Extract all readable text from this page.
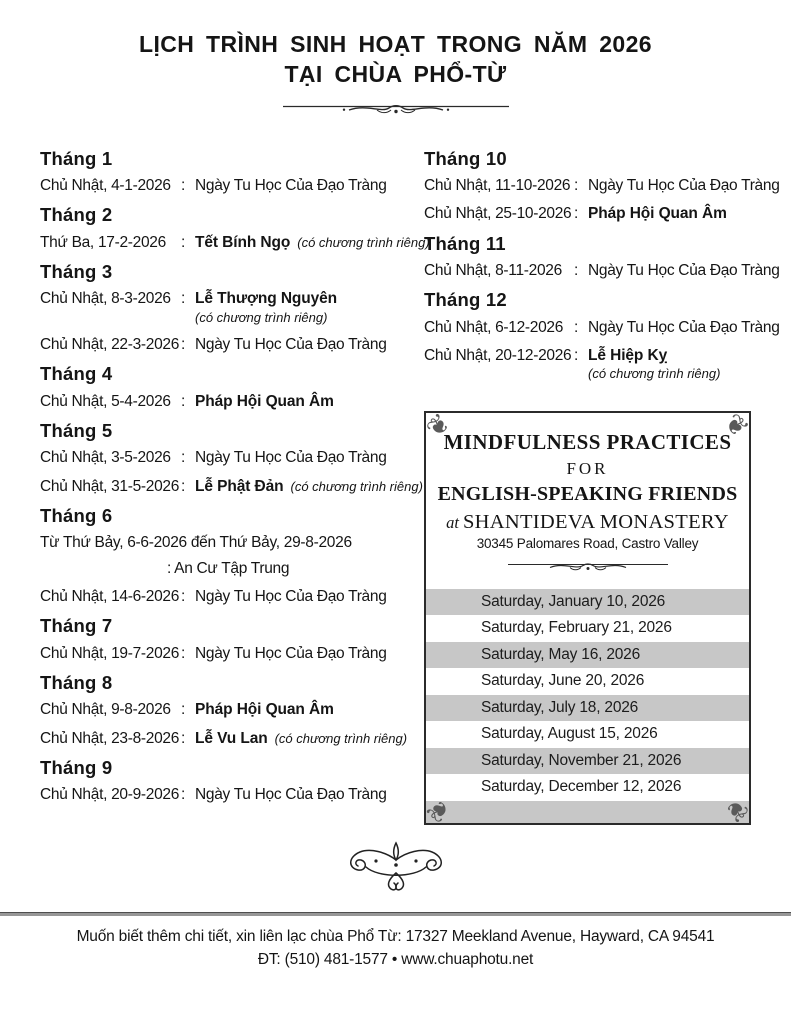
LỊCH TRÌNH SINH HOẠT TRONG NĂM 2026
TẠI CHÙA PHỔ-TỪ
Tháng 1
Chủ Nhật, 4-1-2026 : Ngày Tu Học Của Đạo Tràng
Tháng 2
Thứ Ba, 17-2-2026 : Tết Bính Ngọ (có chương trình riêng)
Tháng 3
Chủ Nhật, 8-3-2026 : Lễ Thượng Nguyên
(có chương trình riêng)
Chủ Nhật, 22-3-2026 : Ngày Tu Học Của Đạo Tràng
Tháng 4
Chủ Nhật, 5-4-2026 : Pháp Hội Quan Âm
Tháng 5
Chủ Nhật, 3-5-2026 : Ngày Tu Học Của Đạo Tràng
Chủ Nhật, 31-5-2026 : Lễ Phật Đản (có chương trình riêng)
Tháng 6
Từ Thứ Bảy, 6-6-2026 đến Thứ Bảy, 29-8-2026
: An Cư Tập Trung
Chủ Nhật, 14-6-2026 : Ngày Tu Học Của Đạo Tràng
Tháng 7
Chủ Nhật, 19-7-2026 : Ngày Tu Học Của Đạo Tràng
Tháng 8
Chủ Nhật, 9-8-2026 : Pháp Hội Quan Âm
Chủ Nhật, 23-8-2026 : Lễ Vu Lan (có chương trình riêng)
Tháng 9
Chủ Nhật, 20-9-2026 : Ngày Tu Học Của Đạo Tràng
Tháng 10
Chủ Nhật, 11-10-2026 : Ngày Tu Học Của Đạo Tràng
Chủ Nhật, 25-10-2026 : Pháp Hội Quan Âm
Tháng 11
Chủ Nhật, 8-11-2026 : Ngày Tu Học Của Đạo Tràng
Tháng 12
Chủ Nhật, 6-12-2026 : Ngày Tu Học Của Đạo Tràng
Chủ Nhật, 20-12-2026 : Lễ Hiệp Kỵ
(có chương trình riêng)
❦	❦
❦	❦
MINDFULNESS PRACTICES
FOR
ENGLISH-SPEAKING FRIENDS
at SHANTIDEVA MONASTERY
30345 Palomares Road, Castro Valley
Saturday, January 10, 2026
Saturday, February 21, 2026
Saturday, May 16, 2026
Saturday, June 20, 2026
Saturday, July 18, 2026
Saturday, August 15, 2026
Saturday, November 21, 2026
Saturday, December 12, 2026
Muốn biết thêm chi tiết, xin liên lạc chùa Phổ Từ: 17327 Meekland Avenue, Hayward, CA 94541
ĐT: (510) 481-1577 • www.chuaphotu.net
